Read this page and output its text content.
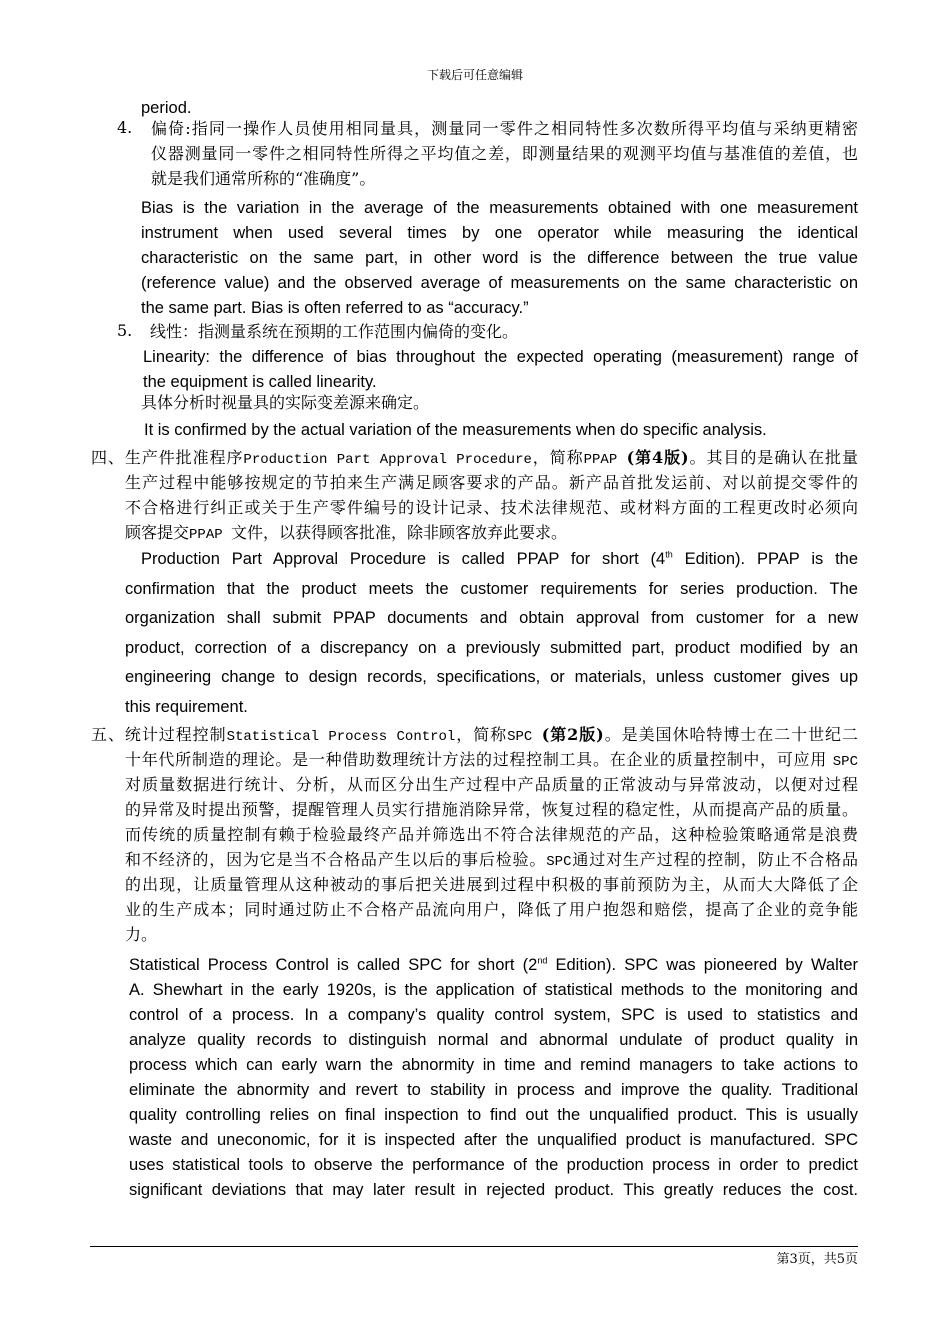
下载后可任意编辑
period.
4. 偏倚:指同一操作人员使用相同量具，测量同一零件之相同特性多次数所得平均值与采纳更精密
仪器测量同一零件之相同特性所得之平均值之差，即测量结果的观测平均值与基准值的差值，也
就是我们通常所称的“准确度”。
Bias is the variation in the average of the measurements obtained with one measurement
instrument when used several times by one operator while measuring the identical
characteristic on the same part, in other word is the difference between the true value
(reference value) and the observed average of measurements on the same characteristic on
the same part. Bias is often referred to as “accuracy.”
5. 线性：指测量系统在预期的工作范围内偏倚的变化。
Linearity: the difference of bias throughout the expected operating (measurement) range of
the equipment is called linearity.
具体分析时视量具的实际变差源来确定。
It is confirmed by the actual variation of the measurements when do specific analysis.
四、生产件批准程序Production Part Approval Procedure，简称PPAP (第4版)。其目的是确认在批量
生产过程中能够按规定的节拍来生产满足顾客要求的产品。新产品首批发运前、对以前提交零件的
不合格进行纠正或关于生产零件编号的设计记录、技术法律规范、或材料方面的工程更改时必须向
顾客提交PPAP 文件，以获得顾客批准，除非顾客放弃此要求。
Production Part Approval Procedure is called PPAP for short (4th Edition). PPAP is the
confirmation that the product meets the customer requirements for series production. The
organization shall submit PPAP documents and obtain approval from customer for a new
product, correction of a discrepancy on a previously submitted part, product modified by an
engineering change to design records, specifications, or materials, unless customer gives up
this requirement.
五、统计过程控制Statistical Process Control，简称SPC (第2版)。是美国休哈特博士在二十世纪二
十年代所制造的理论。是一种借助数理统计方法的过程控制工具。在企业的质量控制中，可应用 SPC
对质量数据进行统计、分析，从而区分出生产过程中产品质量的正常波动与异常波动，以便对过程
的异常及时提出预警，提醒管理人员实行措施消除异常，恢复过程的稳定性，从而提高产品的质量。
而传统的质量控制有赖于检验最终产品并筛选出不符合法律规范的产品，这种检验策略通常是浪费
和不经济的，因为它是当不合格品产生以后的事后检验。SPC通过对生产过程的控制，防止不合格品
的出现，让质量管理从这种被动的事后把关进展到过程中积极的事前预防为主，从而大大降低了企
业的生产成本；同时通过防止不合格产品流向用户，降低了用户抱怨和赔偿，提高了企业的竞争能
力。
Statistical Process Control is called SPC for short (2nd Edition). SPC was pioneered by Walter
A. Shewhart in the early 1920s, is the application of statistical methods to the monitoring and
control of a process. In a company’s quality control system, SPC is used to statistics and
analyze quality records to distinguish normal and abnormal undulate of product quality in
process which can early warn the abnormity in time and remind managers to take actions to
eliminate the abnormity and revert to stability in process and improve the quality. Traditional
quality controlling relies on final inspection to find out the unqualified product. This is usually
waste and uneconomic, for it is inspected after the unqualified product is manufactured. SPC
uses statistical tools to observe the performance of the production process in order to predict
significant deviations that may later result in rejected product. This greatly reduces the cost.
第3页，共5页
